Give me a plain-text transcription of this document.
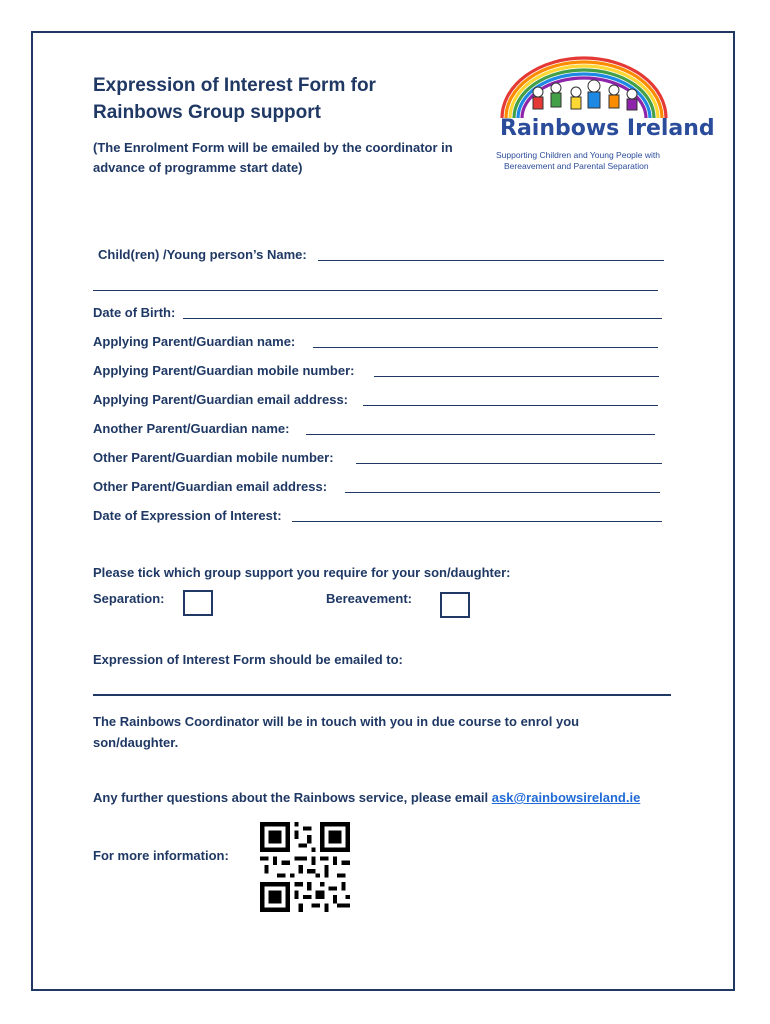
Expression of Interest Form for
Rainbows Group support
(The Enrolment Form will be emailed by the coordinator in
advance of programme start date)
Rainbows Ireland
Supporting Children and Young People with
Bereavement and Parental Separation
Child(ren) /Young person’s Name:
Date of Birth:
Applying Parent/Guardian name:
Applying Parent/Guardian mobile number:
Applying Parent/Guardian email address:
Another Parent/Guardian name:
Other Parent/Guardian mobile number:
Other Parent/Guardian email address:
Date of Expression of Interest:
Please tick which group support you require for your son/daughter:
Separation:	Bereavement:
Expression of Interest Form should be emailed to:
The Rainbows Coordinator will be in touch with you in due course to enrol you
son/daughter.
Any further questions about the Rainbows service, please email ask@rainbowsireland.ie
For more information:
